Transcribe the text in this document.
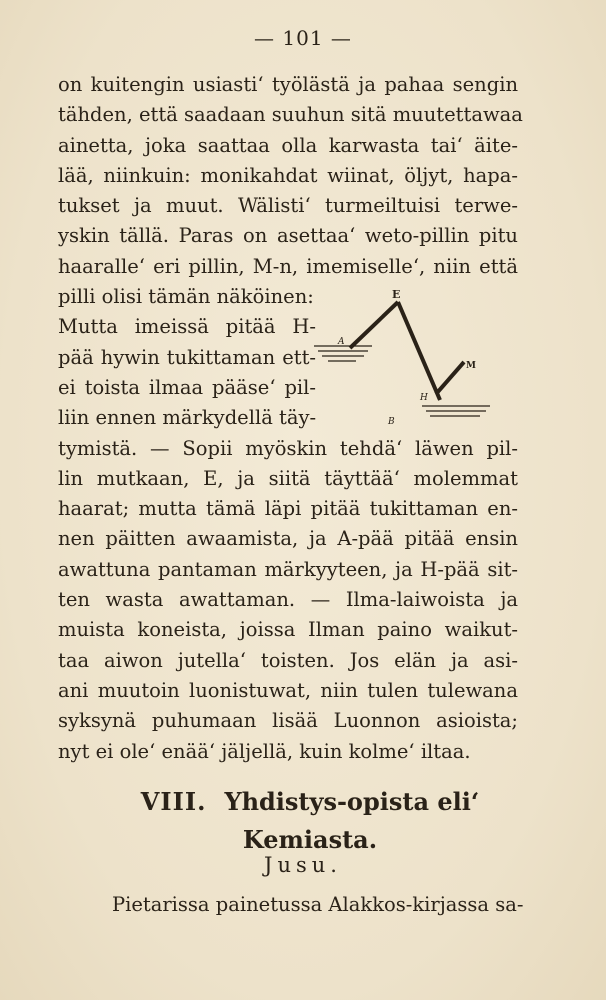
— 101 —
on kuitengin usiasti‘ työlästä ja pahaa sengin
tähden, että saadaan suuhun sitä muutettawaa
ainetta, joka saattaa olla karwasta tai‘ äite-
lää, niinkuin: monikahdat wiinat, öljyt, hapa-
tukset ja muut. Wälisti‘ turmeiltuisi terwe-
yskin tällä. Paras on asettaa‘ weto-pillin pitu
haaralle‘ eri pillin, M-n, imemiselle‘, niin että
pilli olisi tämän näköinen:
Mutta imeissä pitää H-
pää hywin tukittaman ett-
ei toista ilmaa pääse‘ pil-
liin ennen märkydellä täy-
tymistä. — Sopii myöskin tehdä‘ läwen pil-
lin mutkaan, E, ja siitä täyttää‘ molemmat
haarat; mutta tämä läpi pitää tukittaman en-
nen päitten awaamista, ja A-pää pitää ensin
awattuna pantaman märkyyteen, ja H-pää sit-
ten wasta awattaman. — Ilma-laiwoista ja
muista koneista, joissa Ilman paino waikut-
taa aiwon jutella‘ toisten. Jos elän ja asi-
ani muutoin luonistuwat, niin tulen tulewana
syksynä puhumaan lisää Luonnon asioista;
nyt ei ole‘ enää‘ jäljellä, kuin kolme‘ iltaa.
E
A
M
H
B
VIII. Yhdistys-opista eli‘
Kemiasta.
Jusu.
Pietarissa painetussa Alakkos-kirjassa sa-
